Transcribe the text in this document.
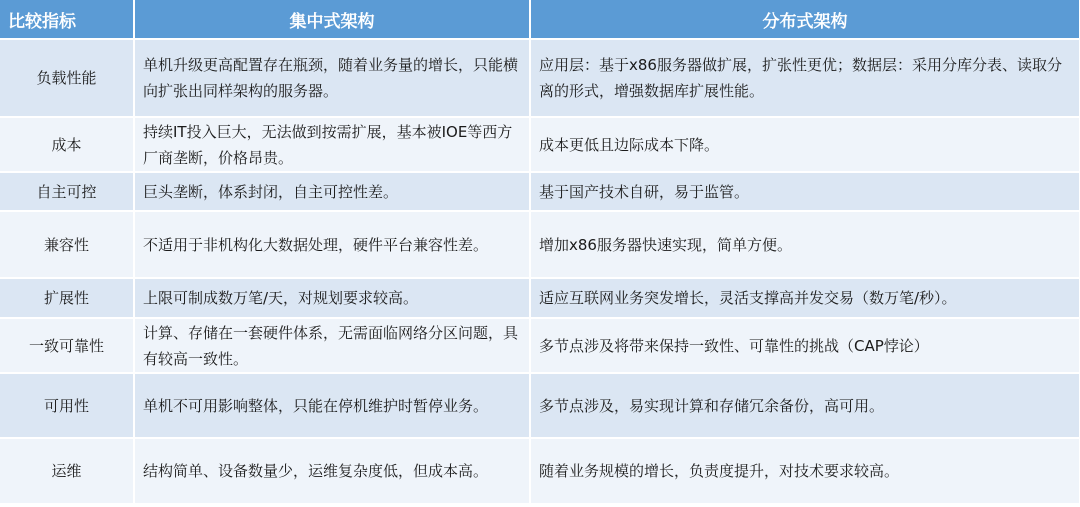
比较指标	集中式架构	分布式架构
负载性能	单机升级更高配置存在瓶颈，随着业务量的增长，只能横向扩张出同样架构的服务器。	应用层：基于x86服务器做扩展，扩张性更优；数据层：采用分库分表、读取分离的形式，增强数据库扩展性能。
成本	持续IT投入巨大，无法做到按需扩展，基本被IOE等西方厂商垄断，价格昂贵。	成本更低且边际成本下降。
自主可控	巨头垄断，体系封闭，自主可控性差。	基于国产技术自研，易于监管。
兼容性	不适用于非机构化大数据处理，硬件平台兼容性差。	增加x86服务器快速实现，简单方便。
扩展性	上限可制成数万笔/天，对规划要求较高。	适应互联网业务突发增长，灵活支撑高并发交易（数万笔/秒）。
一致可靠性	计算、存储在一套硬件体系，无需面临网络分区问题，具有较高一致性。	多节点涉及将带来保持一致性、可靠性的挑战（CAP悖论）
可用性	单机不可用影响整体，只能在停机维护时暂停业务。	多节点涉及，易实现计算和存储冗余备份，高可用。
运维	结构简单、设备数量少，运维复杂度低，但成本高。	随着业务规模的增长，负责度提升，对技术要求较高。
